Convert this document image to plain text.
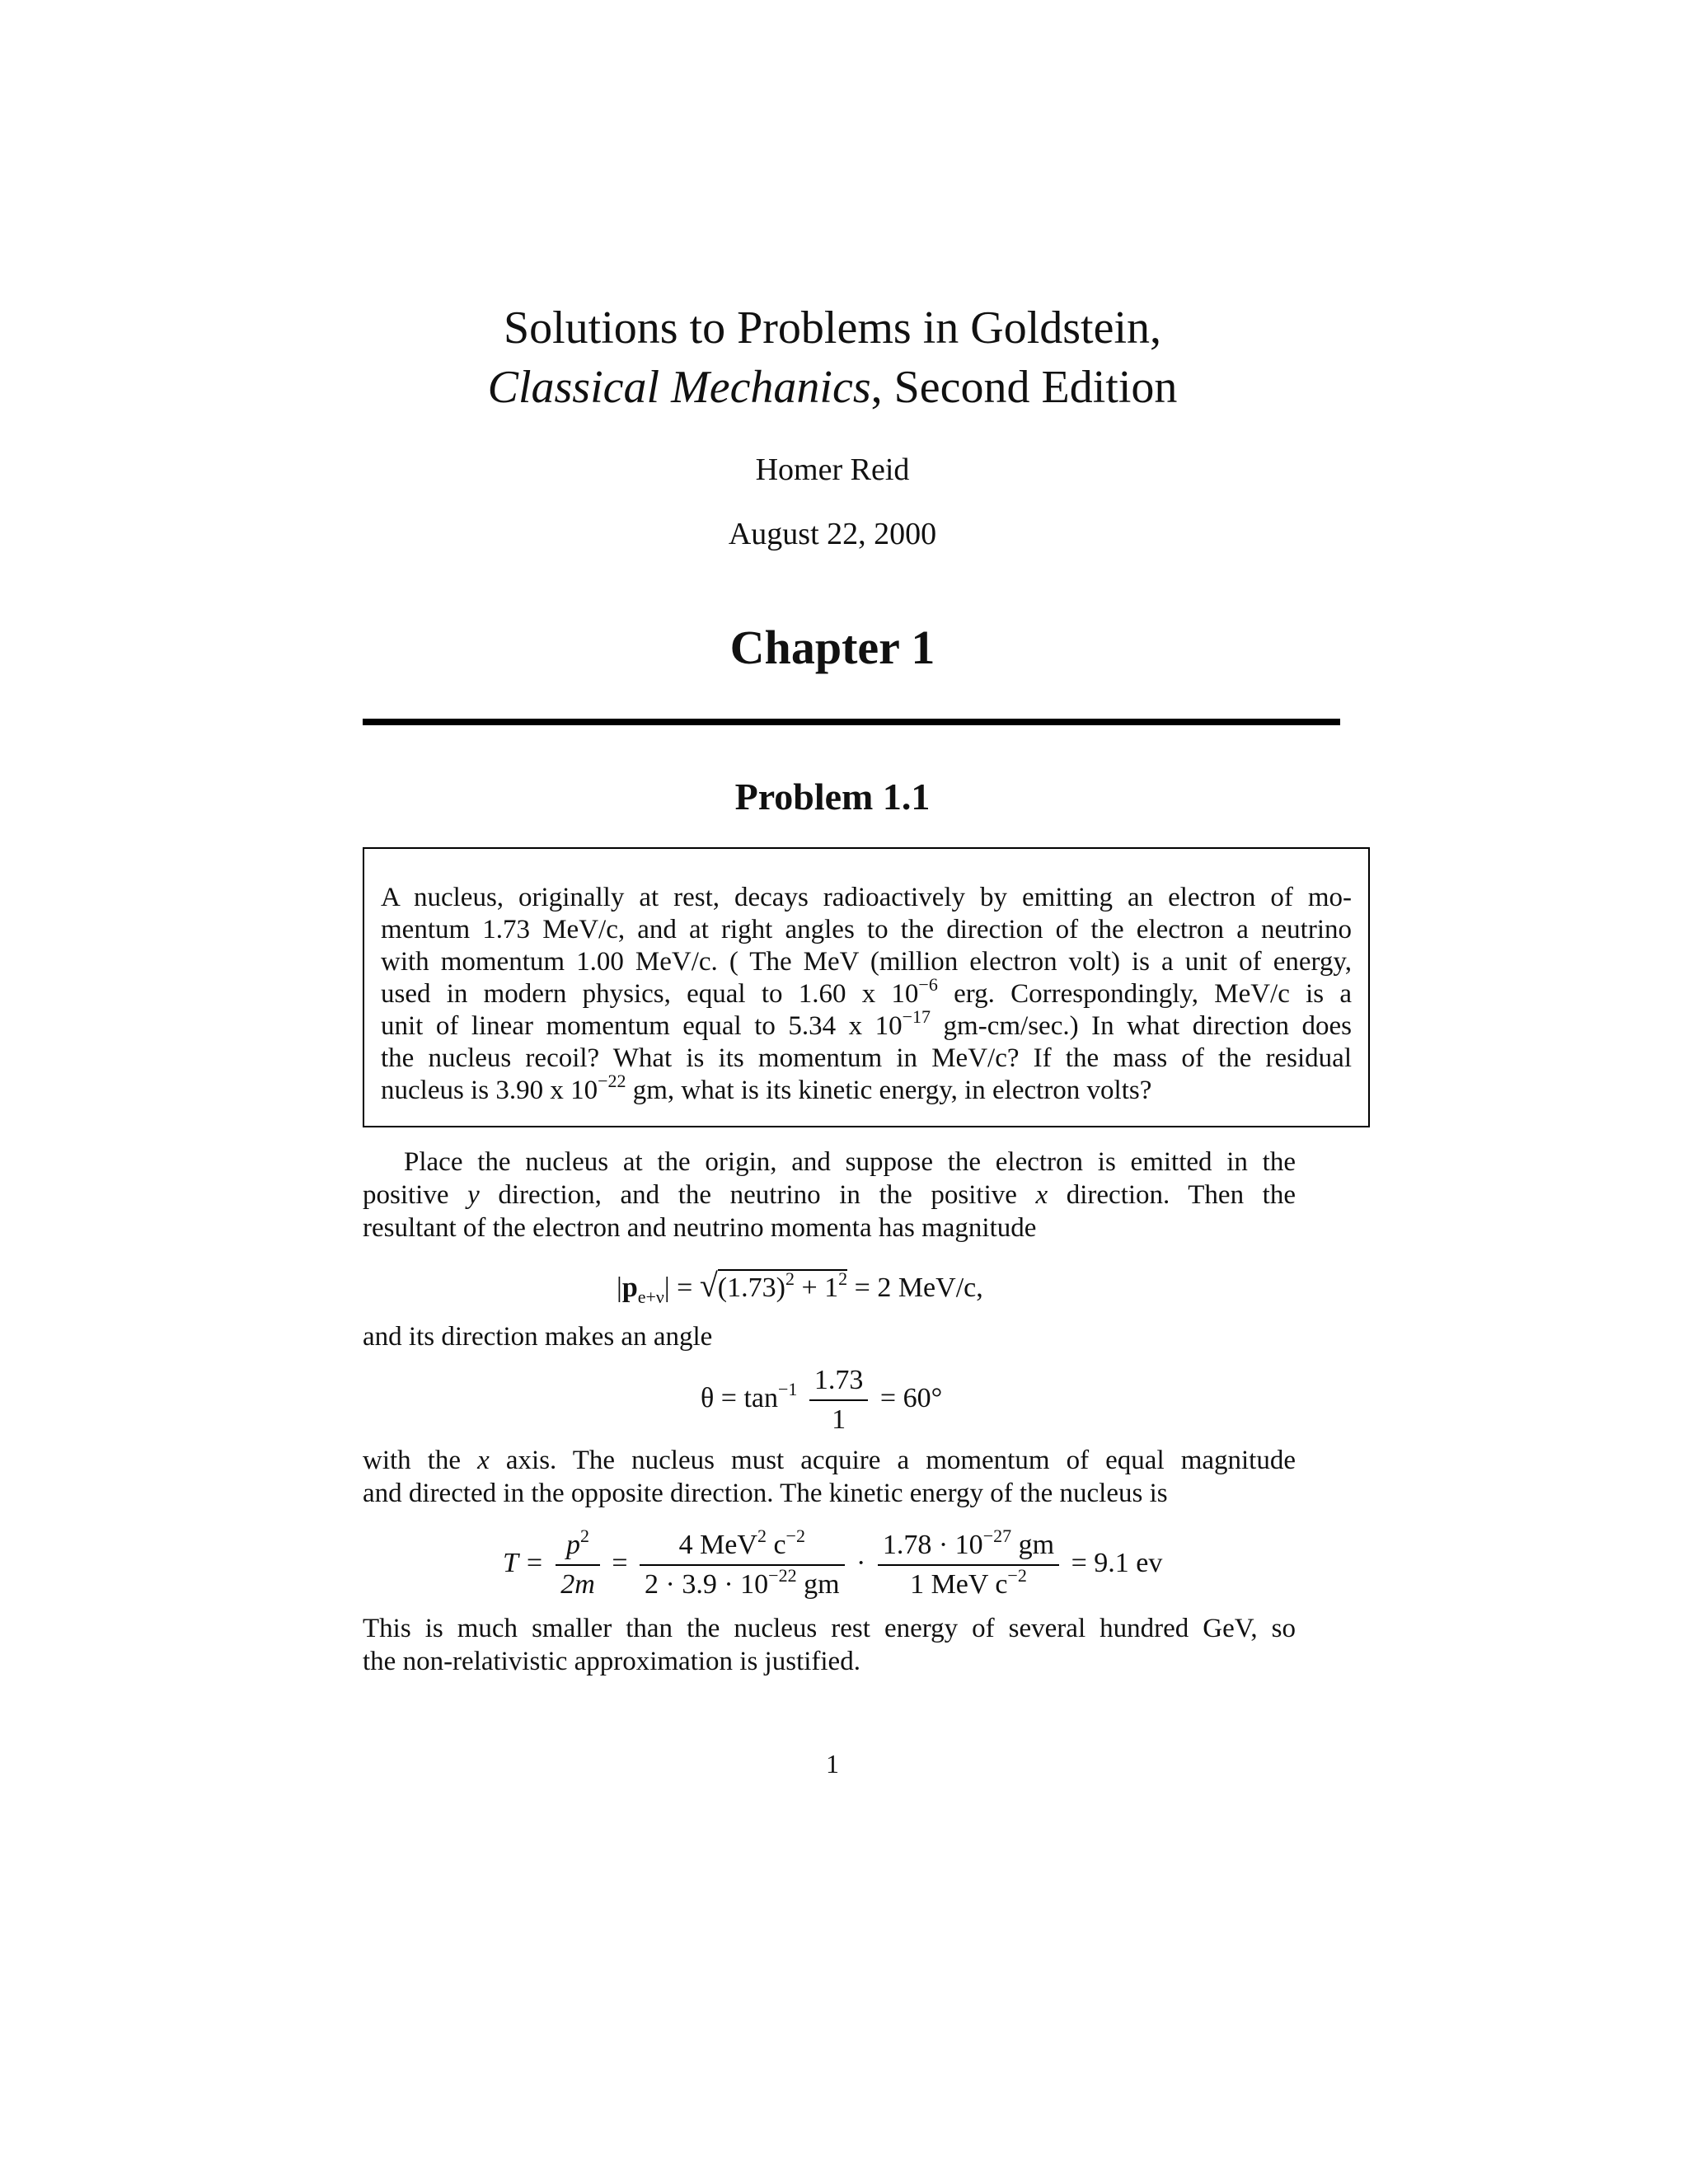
Solutions to Problems in Goldstein,
Classical Mechanics, Second Edition
Homer Reid
August 22, 2000
Chapter 1
Problem 1.1
A nucleus, originally at rest, decays radioactively by emitting an electron of mo-
mentum 1.73 MeV/c, and at right angles to the direction of the electron a neutrino
with momentum 1.00 MeV/c. ( The MeV (million electron volt) is a unit of energy,
used in modern physics, equal to 1.60 x $10^{-6}$ erg. Correspondingly, MeV/c is a
unit of linear momentum equal to 5.34 x $10^{-17}$ gm-cm/sec.) In what direction does
the nucleus recoil? What is its momentum in MeV/c? If the mass of the residual
nucleus is 3.90 x $10^{-22}$ gm, what is its kinetic energy, in electron volts?
Place the nucleus at the origin, and suppose the electron is emitted in the
positive y direction, and the neutrino in the positive x direction. Then the
resultant of the electron and neutrino momenta has magnitude
$|p_{e+\nu}| = √(1.73)^2 + 1^2 = 2$ MeV/c,
and its direction makes an angle
$\theta = \tan^{-1} \frac{1.73}{1} = 60^\circ$
with the x axis. The nucleus must acquire a momentum of equal magnitude
and directed in the opposite direction. The kinetic energy of the nucleus is
$T = \frac{p^2}{2m} = \frac{4 MeV^2 c^{-2}}{2 \cdot 3.9 \cdot 10^{-22} gm} \cdot \frac{1.78 \cdot 10^{-27} gm}{1 MeV c^{-2}} = 9.1$ ev
This is much smaller than the nucleus rest energy of several hundred GeV, so
the non-relativistic approximation is justified.
1
